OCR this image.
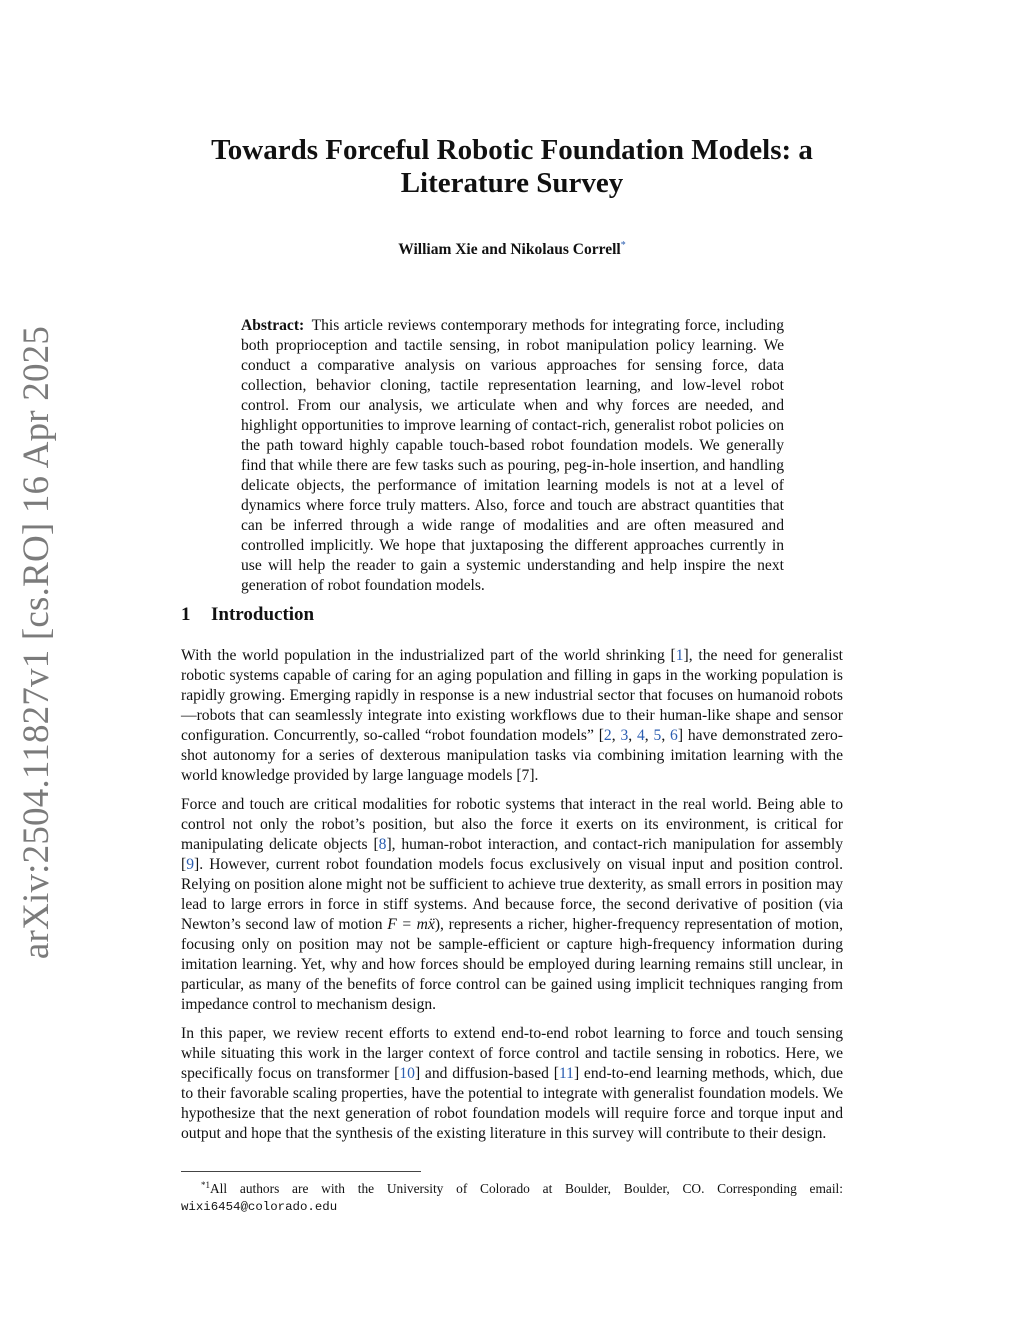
arXiv:2504.11827v1 [cs.RO] 16 Apr 2025
Towards Forceful Robotic Foundation Models: a
Literature Survey
William Xie and Nikolaus Correll*
Abstract: This article reviews contemporary methods for integrating force, including both proprioception and tactile sensing, in robot manipulation policy learning. We conduct a comparative analysis on various approaches for sensing force, data collection, behavior cloning, tactile representation learning, and low-level robot control. From our analysis, we articulate when and why forces are needed, and highlight opportunities to improve learning of contact-rich, generalist robot policies on the path toward highly capable touch-based robot foundation models. We generally find that while there are few tasks such as pouring, peg-in-hole insertion, and handling delicate objects, the performance of imitation learning models is not at a level of dynamics where force truly matters. Also, force and touch are abstract quantities that can be inferred through a wide range of modalities and are often measured and controlled implicitly. We hope that juxtaposing the different approaches currently in use will help the reader to gain a systemic understanding and help inspire the next generation of robot foundation models.
1 Introduction

With the world population in the industrialized part of the world shrinking [1], the need for generalist robotic systems capable of caring for an aging population and filling in gaps in the working population is rapidly growing. Emerging rapidly in response is a new industrial sector that focuses on humanoid robots—robots that can seamlessly integrate into existing workflows due to their human-like shape and sensor configuration. Concurrently, so-called “robot foundation models” [2, 3, 4, 5, 6] have demonstrated zero-shot autonomy for a series of dexterous manipulation tasks via combining imitation learning with the world knowledge provided by large language models [7].

Force and touch are critical modalities for robotic systems that interact in the real world. Being able to control not only the robot’s position, but also the force it exerts on its environment, is critical for manipulating delicate objects [8], human-robot interaction, and contact-rich manipulation for assembly [9]. However, current robot foundation models focus exclusively on visual input and position control. Relying on position alone might not be sufficient to achieve true dexterity, as small errors in position may lead to large errors in force in stiff systems. And because force, the second derivative of position (via Newton’s second law of motion F = mẍ), represents a richer, higher-frequency representation of motion, focusing only on position may not be sample-efficient or capture high-frequency information during imitation learning. Yet, why and how forces should be employed during learning remains still unclear, in particular, as many of the benefits of force control can be gained using implicit techniques ranging from impedance control to mechanism design.

In this paper, we review recent efforts to extend end-to-end robot learning to force and touch sensing while situating this work in the larger context of force control and tactile sensing in robotics. Here, we specifically focus on transformer [10] and diffusion-based [11] end-to-end learning methods, which, due to their favorable scaling properties, have the potential to integrate with generalist foundation models. We hypothesize that the next generation of robot foundation models will require force and torque input and output and hope that the synthesis of the existing literature in this survey will contribute to their design.

$^{*1}$All authors are with the University of Colorado at Boulder, Boulder, CO. Corresponding email: wixi6454@colorado.edu
